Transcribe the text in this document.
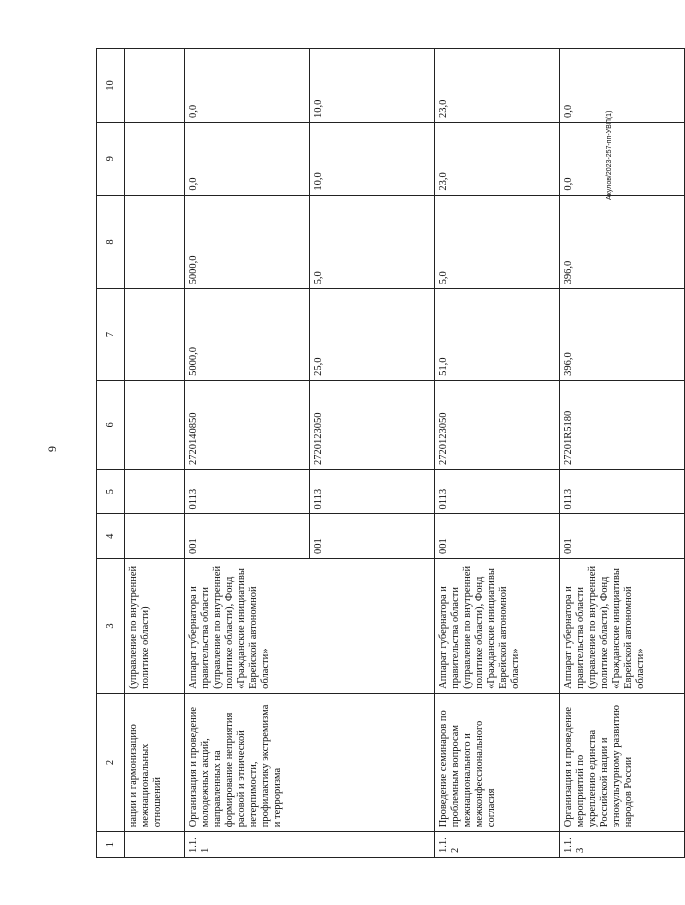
9
Акулов/2023-257-пп-УВП(1)
1	2	3	4	5	6	7	8	9	10
	нации и гармонизацию межнациональных отношений	(управление по внутренней политике области)							
1.1.1	Организация и проведение молодежных акций, направленных на формирование неприятия расовой и этнической нетерпимости, профилактику экстремизма и терроризма	Аппарат губернатора и правительства области (управление по внутренней политике области), Фонд «Гражданские инициативы Еврейской автономной области»	001	0113	2720140850	5000,0	5000,0	0,0	0,0
			001	0113	2720123050	25,0	5,0	10,0	10,0
1.1.2	Проведение семинаров по проблемным вопросам межнационального и межконфессионального согласия	Аппарат губернатора и правительства области (управление по внутренней политике области), Фонд «Гражданские инициативы Еврейской автономной области»	001	0113	2720123050	51,0	5,0	23,0	23,0
1.1.3	Организация и проведение мероприятий по укреплению единства Российской нации и этнокультурному развитию народов России	Аппарат губернатора и правительства области (управление по внутренней политике области), Фонд «Гражданские инициативы Еврейской автономной области»	001	0113	27201R5180	396,0	396,0	0,0	0,0
